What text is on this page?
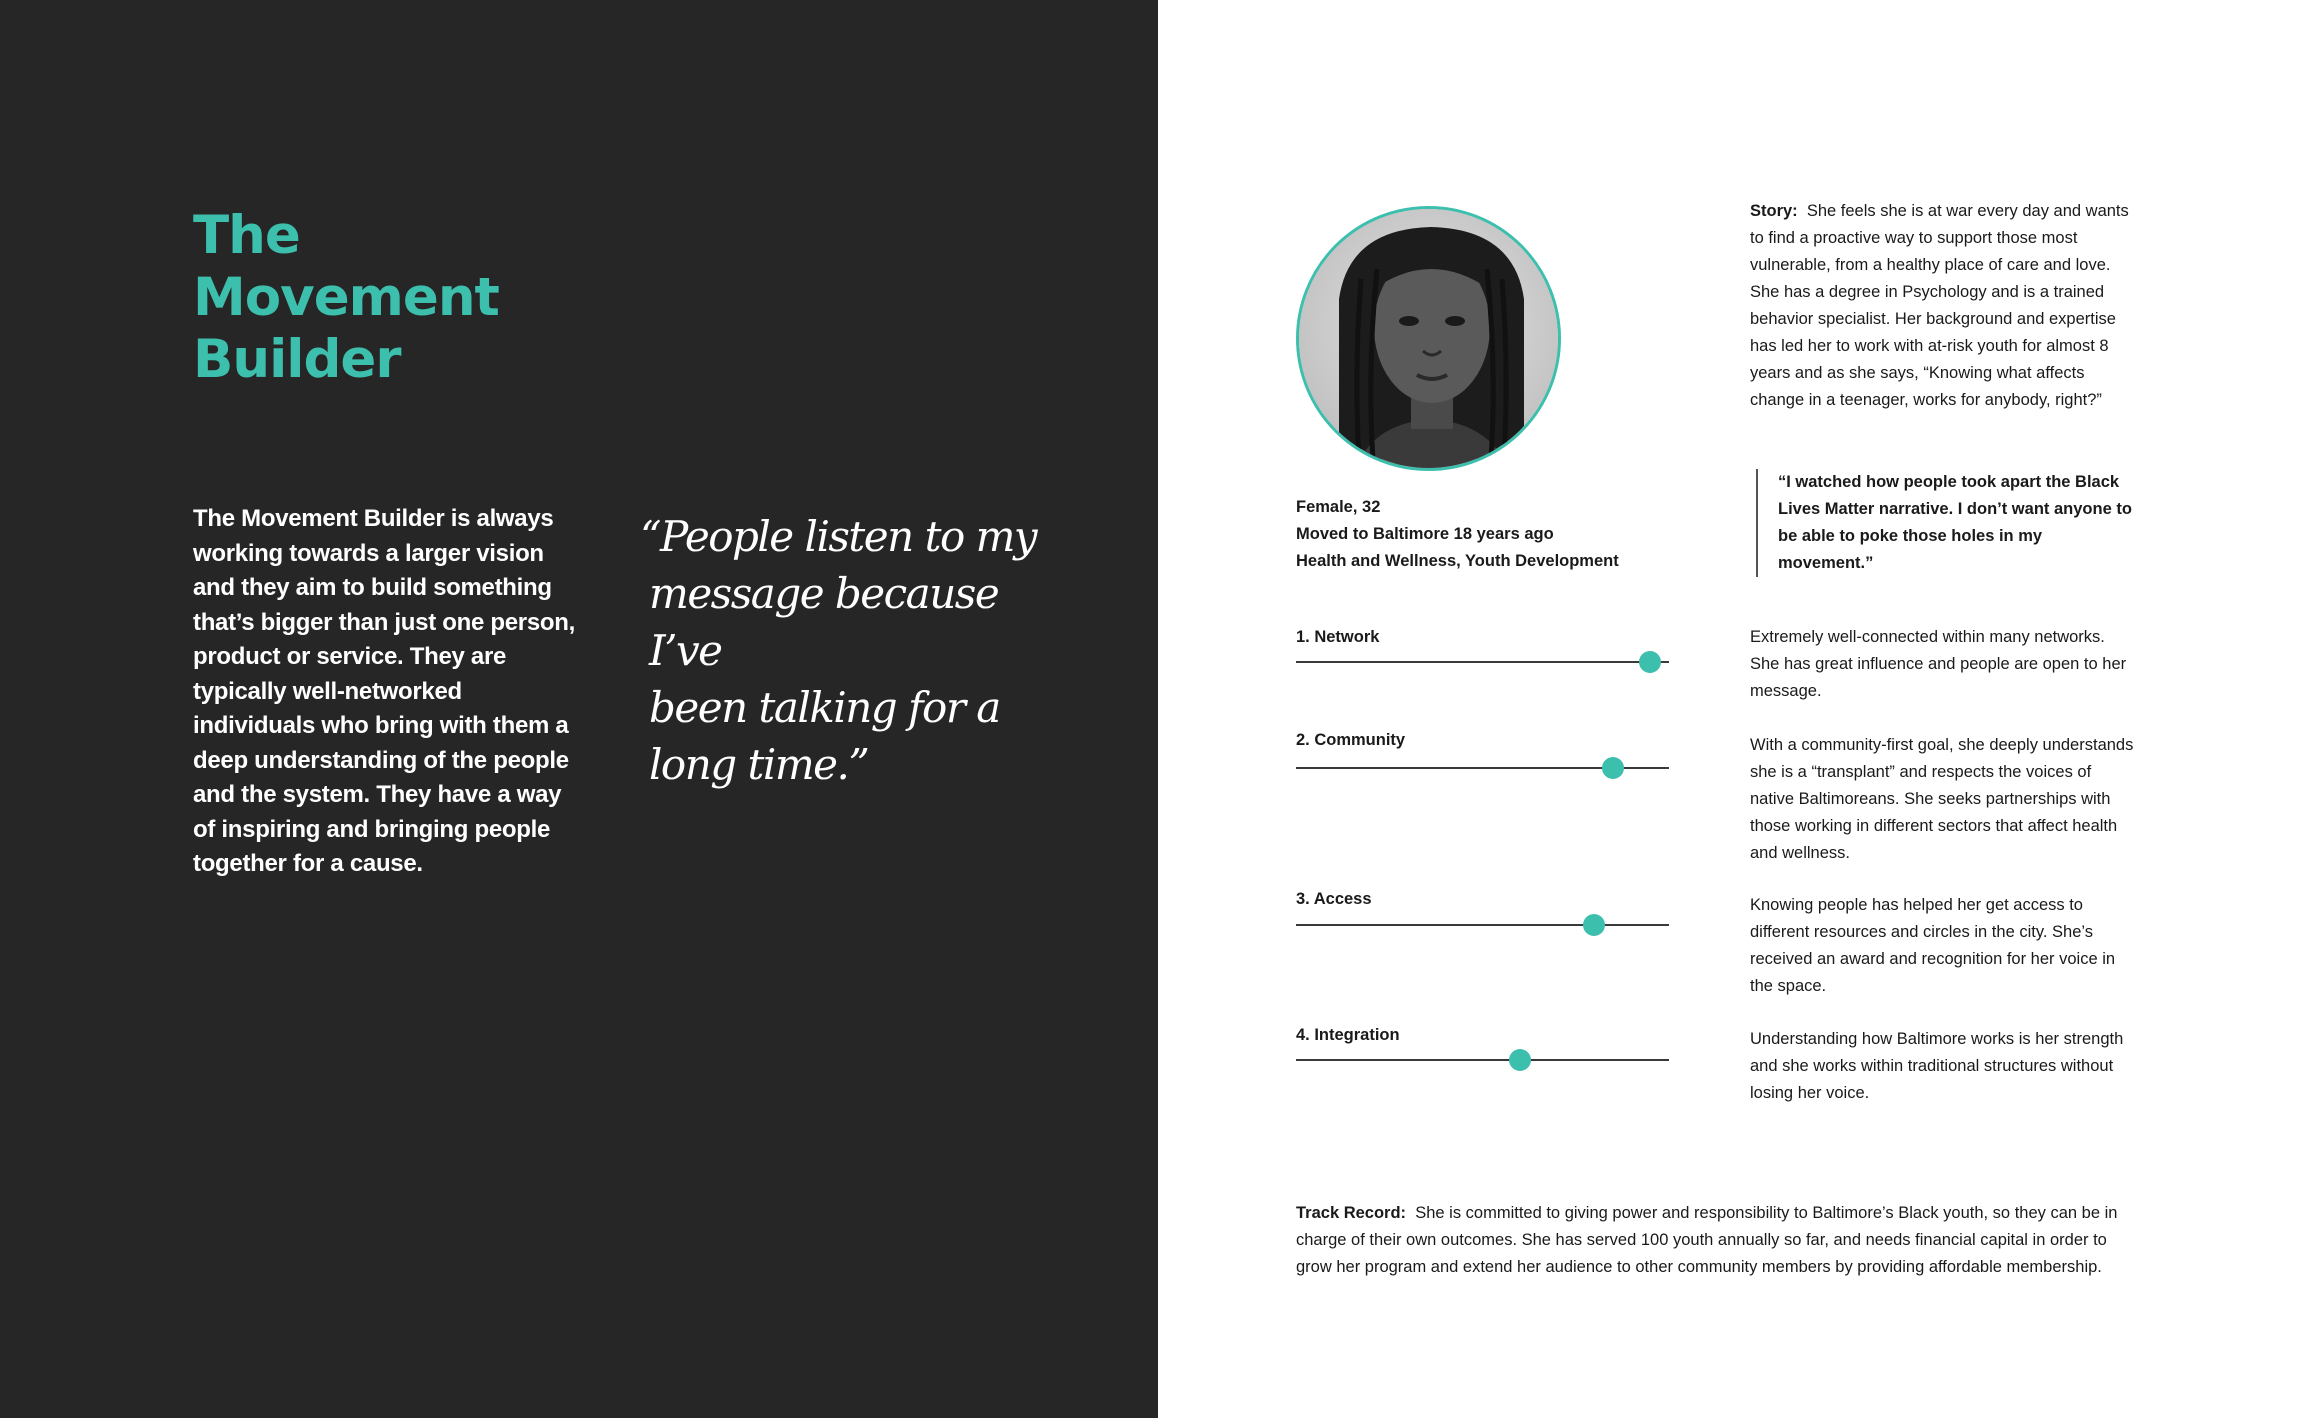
The
Movement
Builder

The Movement Builder is always working towards a larger vision and they aim to build something that’s bigger than just one person, product or service. They are typically well-networked individuals who bring with them a deep understanding of the people and the system. They have a way of inspiring and bringing people together for a cause.

“People listen to my
message because I’ve
been talking for a
long time.”
Female, 32
Moved to Baltimore 18 years ago
Health and Wellness, Youth Development

Story: She feels she is at war every day and wants to find a proactive way to support those most vulnerable, from a healthy place of care and love. She has a degree in Psychology and is a trained behavior specialist. Her background and expertise has led her to work with at-risk youth for almost 8 years and as she says, “Knowing what affects change in a teenager, works for anybody, right?”

“I watched how people took apart the Black Lives Matter narrative. I don’t want anyone to be able to poke those holes in my movement.”

1. Network	Extremely well-connected within many networks. She has great influence and people are open to her message.

2. Community	With a community-first goal, she deeply understands she is a “transplant” and respects the voices of native Baltimoreans. She seeks partnerships with those working in different sectors that affect health and wellness.

3. Access	Knowing people has helped her get access to different resources and circles in the city. She’s received an award and recognition for her voice in the space.

4. Integration	Understanding how Baltimore works is her strength and she works within traditional structures without losing her voice.

Track Record: She is committed to giving power and responsibility to Baltimore’s Black youth, so they can be in charge of their own outcomes. She has served 100 youth annually so far, and needs financial capital in order to grow her program and extend her audience to other community members by providing affordable membership.
